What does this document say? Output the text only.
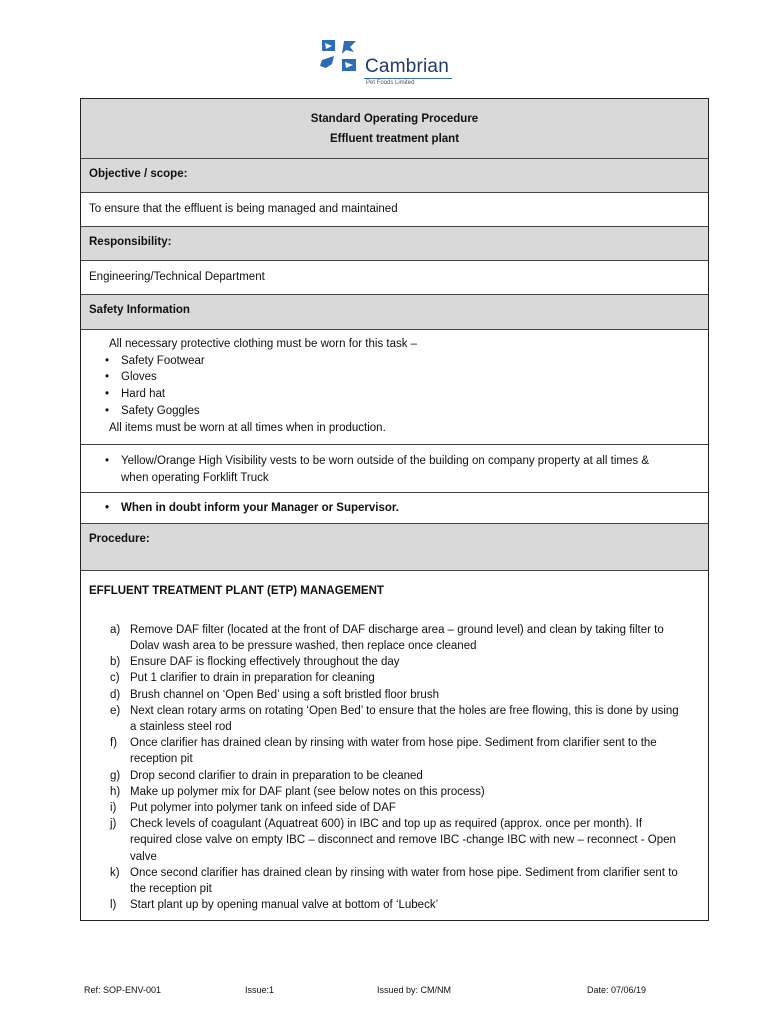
Cambrian
Pet Foods Limited
Standard Operating Procedure
Effluent treatment plant
Objective / scope:
To ensure that the effluent is being managed and maintained
Responsibility:
Engineering/Technical Department
Safety Information
All necessary protective clothing must be worn for this task –
• Safety Footwear
• Gloves
• Hard hat
• Safety Goggles
All items must be worn at all times when in production.
• Yellow/Orange High Visibility vests to be worn outside of the building on company property at all times &
when operating Forklift Truck
• When in doubt inform your Manager or Supervisor.
Procedure:
EFFLUENT TREATMENT PLANT (ETP) MANAGEMENT
a) Remove DAF filter (located at the front of DAF discharge area – ground level) and clean by taking filter to
Dolav wash area to be pressure washed, then replace once cleaned
b) Ensure DAF is flocking effectively throughout the day
c) Put 1 clarifier to drain in preparation for cleaning
d) Brush channel on ‘Open Bed’ using a soft bristled floor brush
e) Next clean rotary arms on rotating ‘Open Bed’ to ensure that the holes are free flowing, this is done by using
a stainless steel rod
f) Once clarifier has drained clean by rinsing with water from hose pipe. Sediment from clarifier sent to the
reception pit
g) Drop second clarifier to drain in preparation to be cleaned
h) Make up polymer mix for DAF plant (see below notes on this process)
i) Put polymer into polymer tank on infeed side of DAF
j) Check levels of coagulant (Aquatreat 600) in IBC and top up as required (approx. once per month). If
required close valve on empty IBC – disconnect and remove IBC -change IBC with new – reconnect - Open
valve
k) Once second clarifier has drained clean by rinsing with water from hose pipe. Sediment from clarifier sent to
the reception pit
l) Start plant up by opening manual valve at bottom of ‘Lubeck’
Ref: SOP-ENV-001	Issue:1	Issued by: CM/NM	Date: 07/06/19
